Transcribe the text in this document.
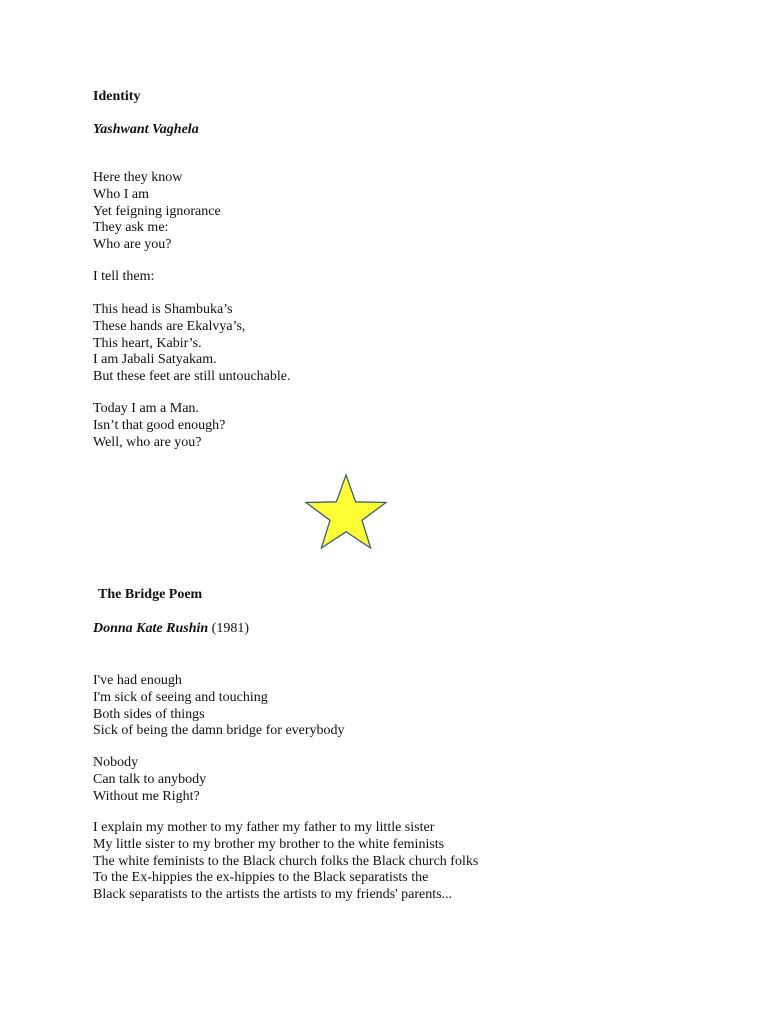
Identity
Yashwant Vaghela
Here they know
Who I am
Yet feigning ignorance
They ask me:
Who are you?
I tell them:
This head is Shambuka’s
These hands are Ekalvya’s,
This heart, Kabir’s.
I am Jabali Satyakam.
But these feet are still untouchable.
Today I am a Man.
Isn’t that good enough?
Well, who are you?
The Bridge Poem
Donna Kate Rushin (1981)
I've had enough
I'm sick of seeing and touching
Both sides of things
Sick of being the damn bridge for everybody
Nobody
Can talk to anybody
Without me Right?
I explain my mother to my father my father to my little sister
My little sister to my brother my brother to the white feminists
The white feminists to the Black church folks the Black church folks
To the Ex-hippies the ex-hippies to the Black separatists the
Black separatists to the artists the artists to my friends' parents...
